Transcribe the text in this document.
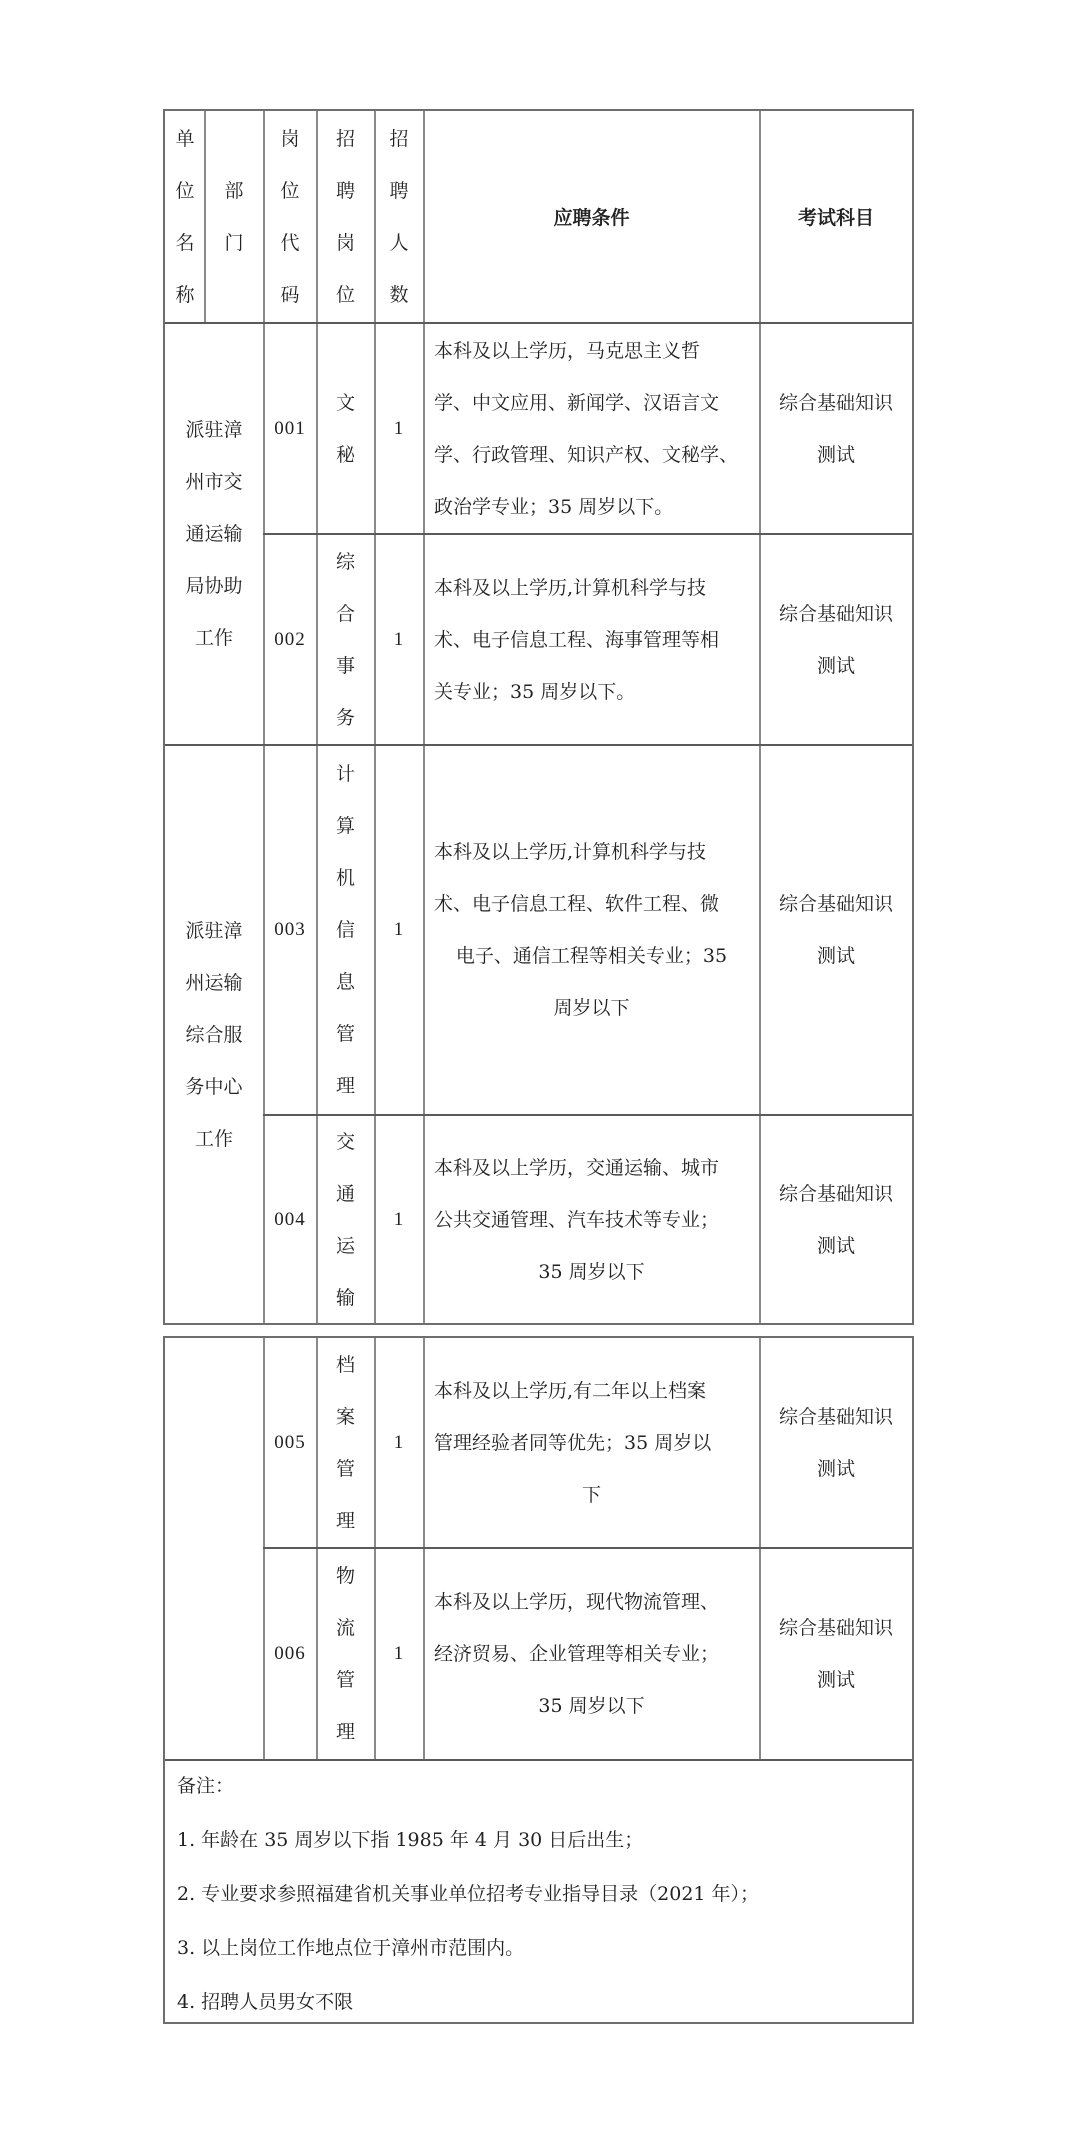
单
位
名
称
部
门
岗
位
代
码
招
聘
岗
位
招
聘
人
数
应聘条件	考试科目
派驻漳
州市交
通运输
局协助
工作
001
文
秘
1

本科及以上学历，马克思主义哲

学、中文应用、新闻学、汉语言文

学、行政管理、知识产权、文秘学、

政治学专业；35 周岁以下。

综合基础知识
测试
002
综
合
事
务
1

本科及以上学历,计算机科学与技

术、电子信息工程、海事管理等相

关专业；35 周岁以下。

综合基础知识
测试
派驻漳
州运输
综合服
务中心
工作
003
计
算
机
信
息
管
理
1

本科及以上学历,计算机科学与技

术、电子信息工程、软件工程、微

电子、通信工程等相关专业；35

周岁以下

综合基础知识
测试
004
交
通
运
输
1

本科及以上学历，交通运输、城市

公共交通管理、汽车技术等专业；

35 周岁以下

综合基础知识
测试
005
档
案
管
理
1

本科及以上学历,有二年以上档案

管理经验者同等优先；35 周岁以

下

综合基础知识
测试
006
物
流
管
理
1

本科及以上学历，现代物流管理、

经济贸易、企业管理等相关专业；

35 周岁以下

综合基础知识
测试
备注：
1. 年龄在 35 周岁以下指 1985 年 4 月 30 日后出生；
2. 专业要求参照福建省机关事业单位招考专业指导目录（2021 年）；
3. 以上岗位工作地点位于漳州市范围内。
4. 招聘人员男女不限
